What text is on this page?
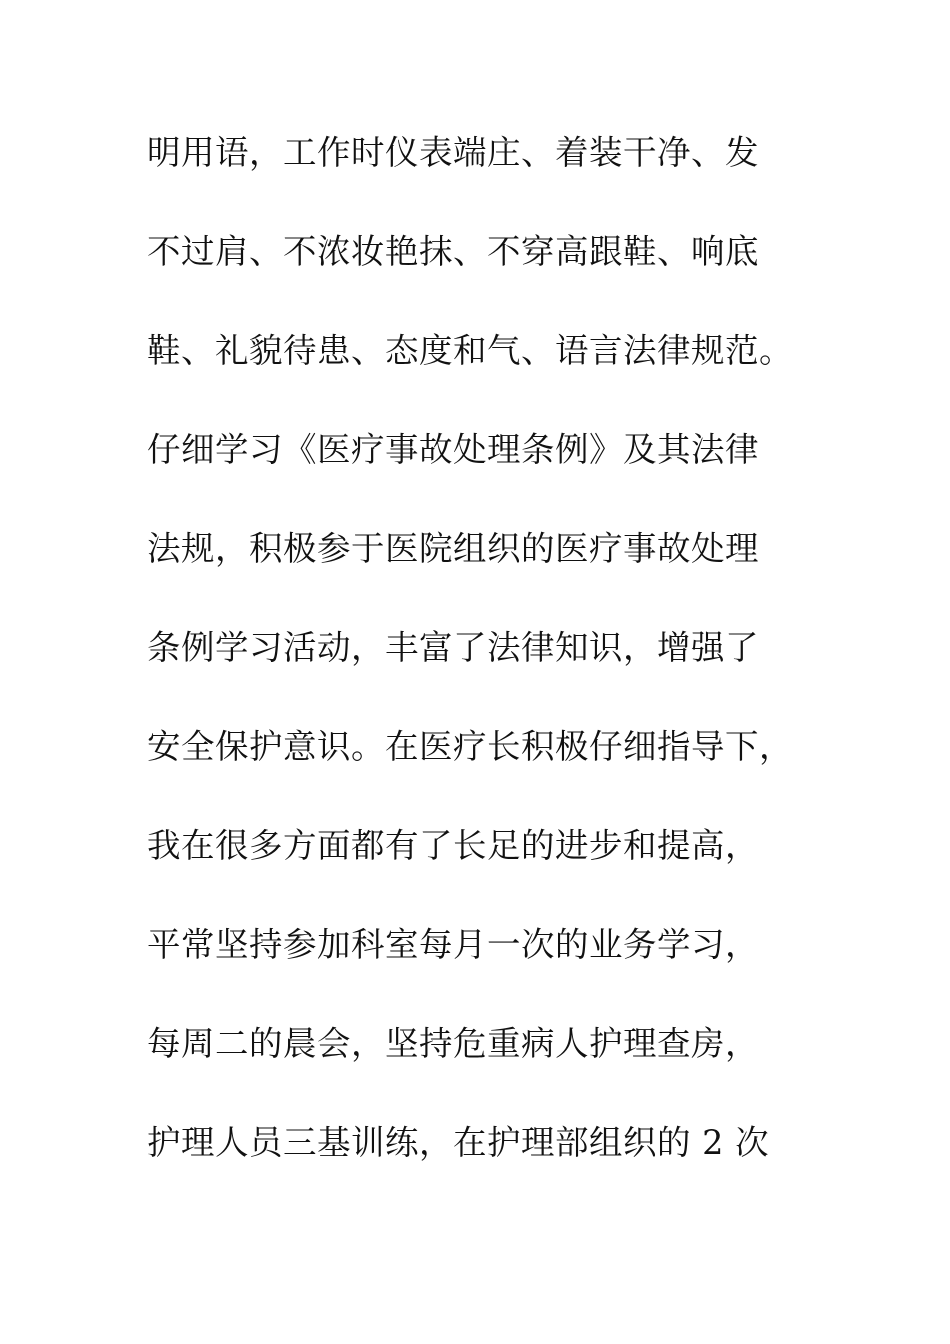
明用语，工作时仪表端庄、着装干净、发
不过肩、不浓妆艳抹、不穿高跟鞋、响底
鞋、礼貌待患、态度和气、语言法律规范。
仔细学习《医疗事故处理条例》及其法律
法规，积极参于医院组织的医疗事故处理
条例学习活动，丰富了法律知识，增强了
安全保护意识。在医疗长积极仔细指导下，
我在很多方面都有了长足的进步和提高，
平常坚持参加科室每月一次的业务学习，
每周二的晨会，坚持危重病人护理查房，
护理人员三基训练，在护理部组织的 2 次
